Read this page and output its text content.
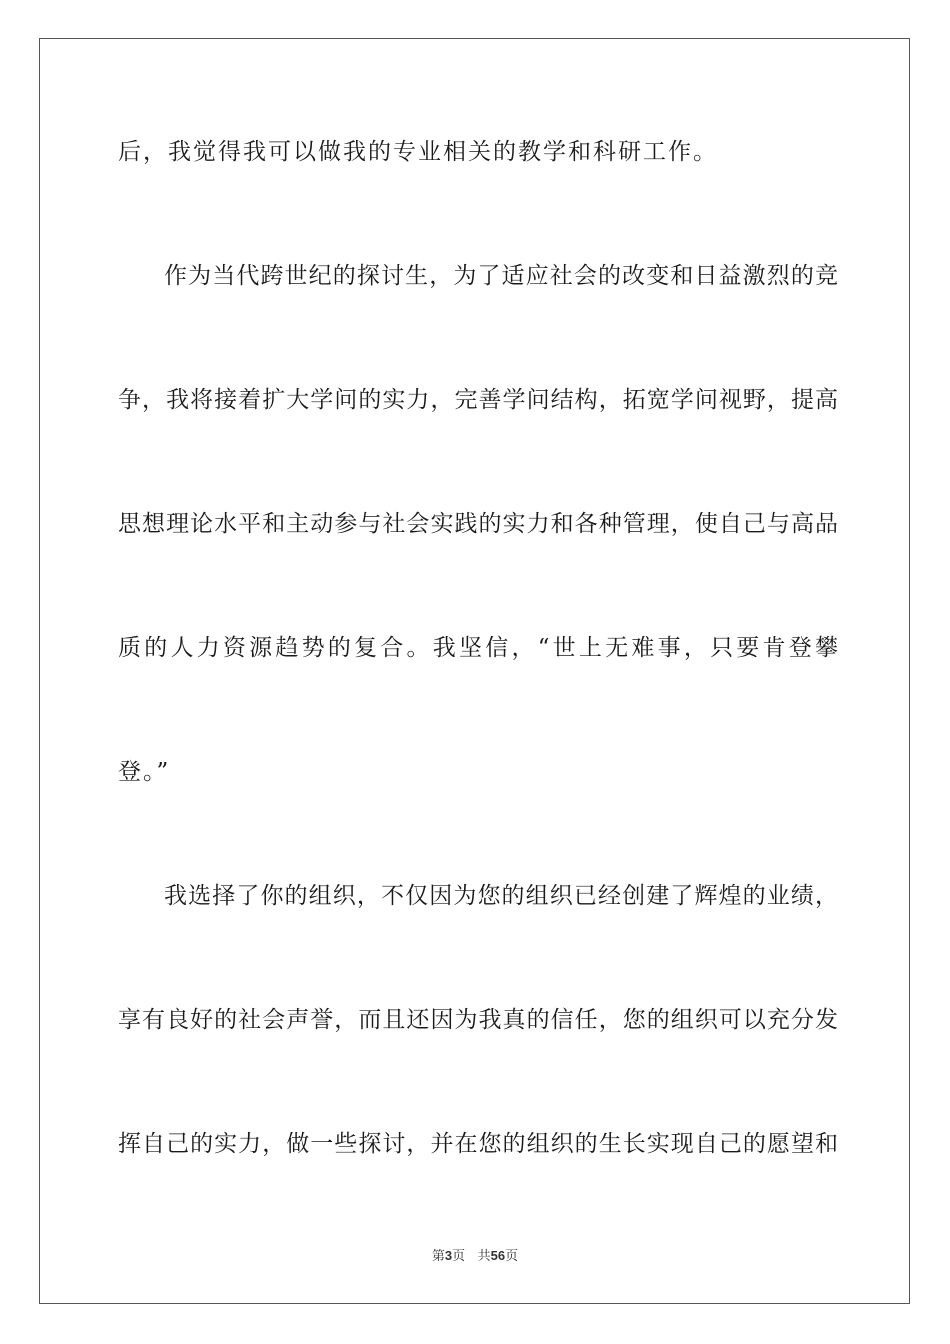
后，我觉得我可以做我的专业相关的教学和科研工作。
作为当代跨世纪的探讨生，为了适应社会的改变和日益激烈的竞
争，我将接着扩大学问的实力，完善学问结构，拓宽学问视野，提高
思想理论水平和主动参与社会实践的实力和各种管理，使自己与高品
质的人力资源趋势的复合。我坚信，“世上无难事，只要肯登攀
登。”
我选择了你的组织，不仅因为您的组织已经创建了辉煌的业绩，
享有良好的社会声誉，而且还因为我真的信任，您的组织可以充分发
挥自己的实力，做一些探讨，并在您的组织的生长实现自己的愿望和
第3页 共56页
